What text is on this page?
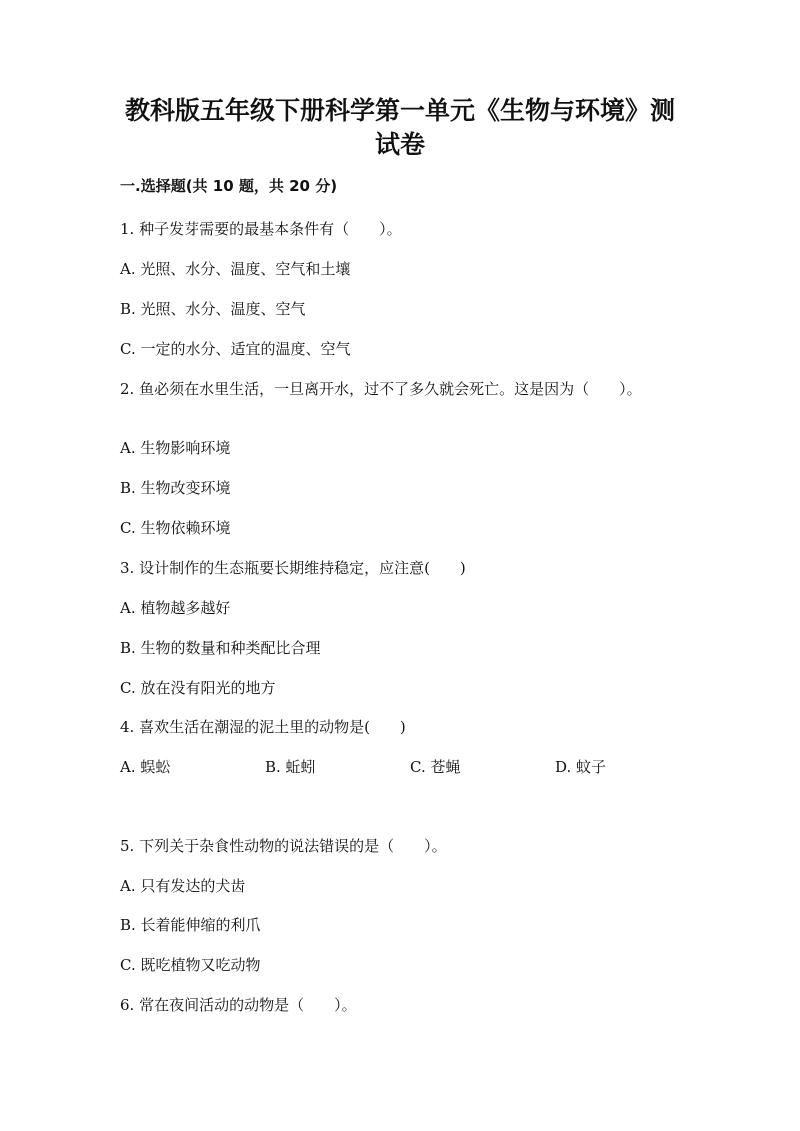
教科版五年级下册科学第一单元《生物与环境》测
试卷
一.选择题(共 10 题，共 20 分)
1. 种子发芽需要的最基本条件有（　　）。
A. 光照、水分、温度、空气和土壤
B. 光照、水分、温度、空气
C. 一定的水分、适宜的温度、空气
2. 鱼必须在水里生活，一旦离开水，过不了多久就会死亡。这是因为（　　）。
A. 生物影响环境
B. 生物改变环境
C. 生物依赖环境
3. 设计制作的生态瓶要长期维持稳定，应注意(　　)
A. 植物越多越好
B. 生物的数量和种类配比合理
C. 放在没有阳光的地方
4. 喜欢生活在潮湿的泥土里的动物是(　　)
A. 蜈蚣	B. 蚯蚓	C. 苍蝇	D. 蚊子
5. 下列关于杂食性动物的说法错误的是（　　）。
A. 只有发达的犬齿
B. 长着能伸缩的利爪
C. 既吃植物又吃动物
6. 常在夜间活动的动物是（　　）。
